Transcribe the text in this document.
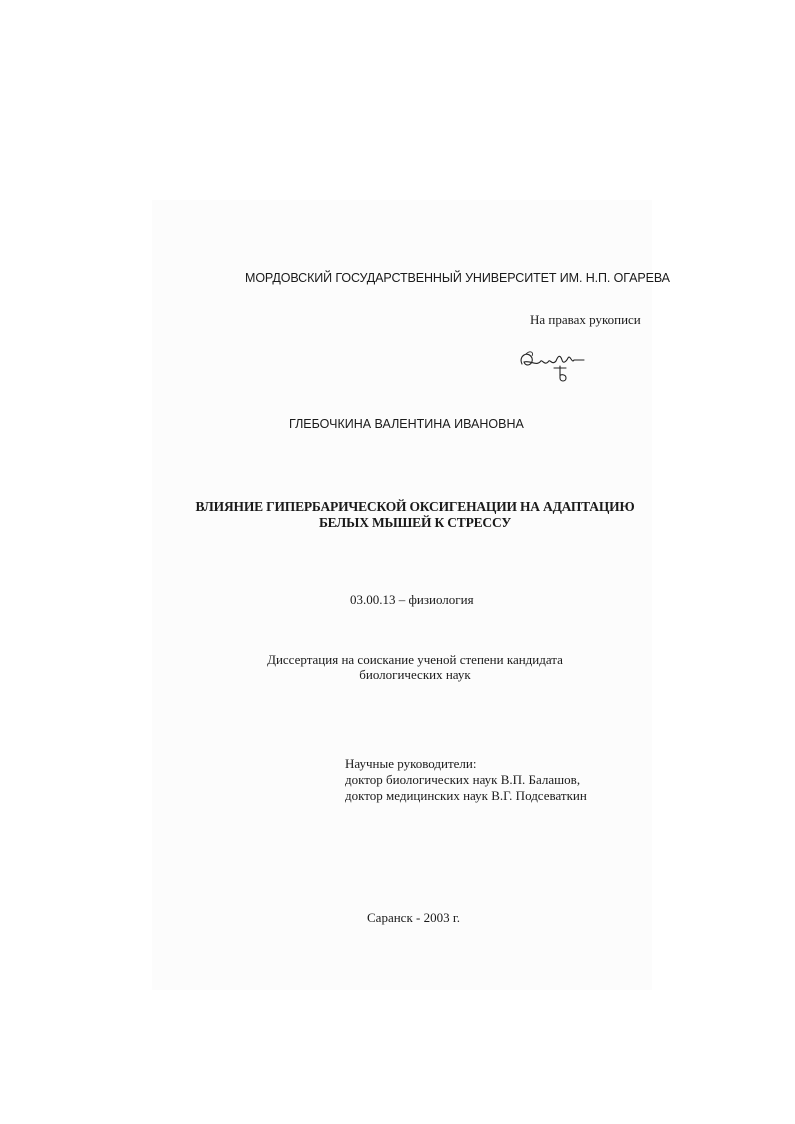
МОРДОВСКИЙ ГОСУДАРСТВЕННЫЙ УНИВЕРСИТЕТ ИМ. Н.П. ОГАРЕВА
На правах рукописи
ГЛЕБОЧКИНА ВАЛЕНТИНА ИВАНОВНА
ВЛИЯНИЕ ГИПЕРБАРИЧЕСКОЙ ОКСИГЕНАЦИИ НА АДАПТАЦИЮ
БЕЛЫХ МЫШЕЙ К СТРЕССУ
03.00.13 – физиология
Диссертация на соискание ученой степени кандидата
биологических наук
Научные руководители:
доктор биологических наук В.П. Балашов,
доктор медицинских наук В.Г. Подсеваткин
Саранск - 2003 г.
